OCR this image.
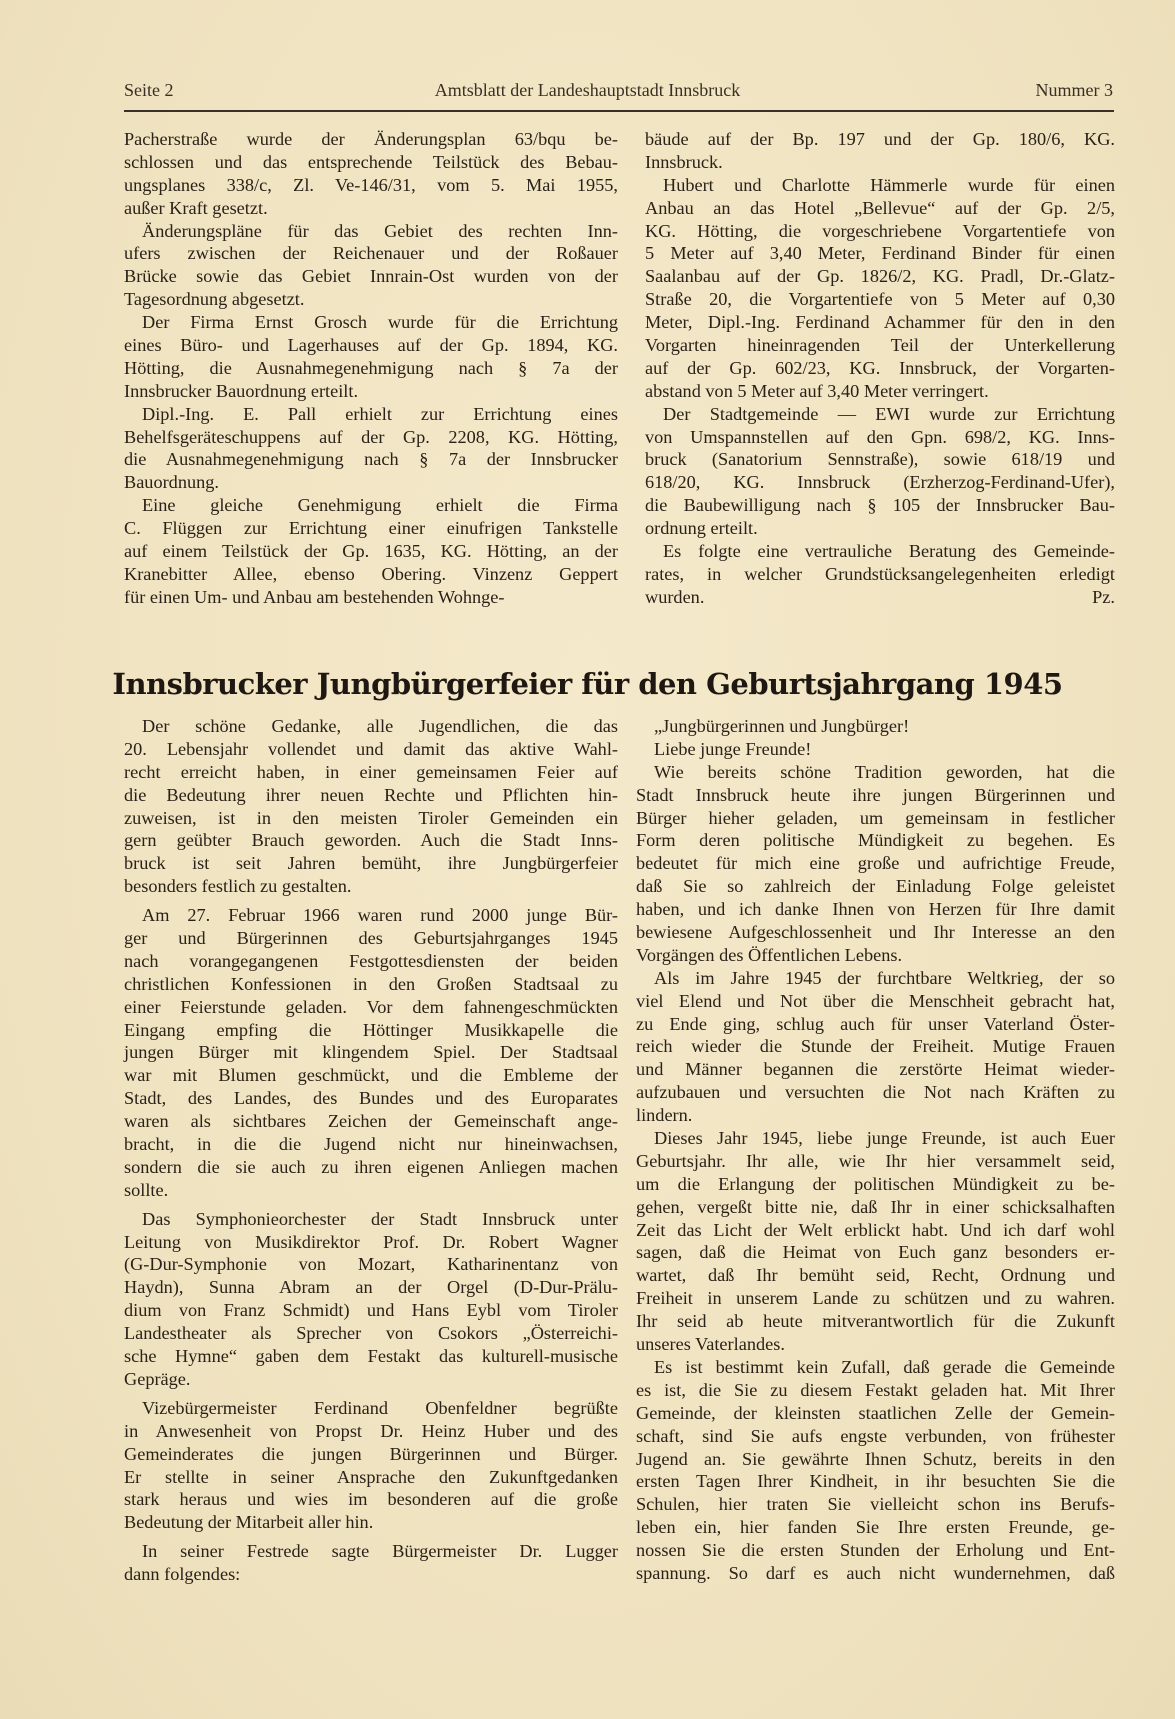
Seite 2	Amtsblatt der Landeshauptstadt Innsbruck	Nummer 3
Pacherstraße wurde der Änderungsplan 63/bqu be-
schlossen und das entsprechende Teilstück des Bebau-
ungsplanes 338/c, Zl. Ve-146/31, vom 5. Mai 1955,
außer Kraft gesetzt.
Änderungspläne für das Gebiet des rechten Inn-
ufers zwischen der Reichenauer und der Roßauer
Brücke sowie das Gebiet Innrain-Ost wurden von der
Tagesordnung abgesetzt.
Der Firma Ernst Grosch wurde für die Errichtung
eines Büro- und Lagerhauses auf der Gp. 1894, KG.
Hötting, die Ausnahmegenehmigung nach § 7a der
Innsbrucker Bauordnung erteilt.
Dipl.-Ing. E. Pall erhielt zur Errichtung eines
Behelfsgeräteschuppens auf der Gp. 2208, KG. Hötting,
die Ausnahmegenehmigung nach § 7a der Innsbrucker
Bauordnung.
Eine gleiche Genehmigung erhielt die Firma
C. Flüggen zur Errichtung einer einufrigen Tankstelle
auf einem Teilstück der Gp. 1635, KG. Hötting, an der
Kranebitter Allee, ebenso Obering. Vinzenz Geppert
für einen Um- und Anbau am bestehenden Wohnge-
bäude auf der Bp. 197 und der Gp. 180/6, KG.
Innsbruck.
Hubert und Charlotte Hämmerle wurde für einen
Anbau an das Hotel „Bellevue“ auf der Gp. 2/5,
KG. Hötting, die vorgeschriebene Vorgartentiefe von
5 Meter auf 3,40 Meter, Ferdinand Binder für einen
Saalanbau auf der Gp. 1826/2, KG. Pradl, Dr.-Glatz-
Straße 20, die Vorgartentiefe von 5 Meter auf 0,30
Meter, Dipl.-Ing. Ferdinand Achammer für den in den
Vorgarten hineinragenden Teil der Unterkellerung
auf der Gp. 602/23, KG. Innsbruck, der Vorgarten-
abstand von 5 Meter auf 3,40 Meter verringert.
Der Stadtgemeinde — EWI wurde zur Errichtung
von Umspannstellen auf den Gpn. 698/2, KG. Inns-
bruck (Sanatorium Sennstraße), sowie 618/19 und
618/20, KG. Innsbruck (Erzherzog-Ferdinand-Ufer),
die Baubewilligung nach § 105 der Innsbrucker Bau-
ordnung erteilt.
Es folgte eine vertrauliche Beratung des Gemeinde-
rates, in welcher Grundstücksangelegenheiten erledigt
wurden.	Pz.
Innsbrucker Jungbürgerfeier für den Geburtsjahrgang 1945
Der schöne Gedanke, alle Jugendlichen, die das
20. Lebensjahr vollendet und damit das aktive Wahl-
recht erreicht haben, in einer gemeinsamen Feier auf
die Bedeutung ihrer neuen Rechte und Pflichten hin-
zuweisen, ist in den meisten Tiroler Gemeinden ein
gern geübter Brauch geworden. Auch die Stadt Inns-
bruck ist seit Jahren bemüht, ihre Jungbürgerfeier
besonders festlich zu gestalten.
Am 27. Februar 1966 waren rund 2000 junge Bür-
ger und Bürgerinnen des Geburtsjahrganges 1945
nach vorangegangenen Festgottesdiensten der beiden
christlichen Konfessionen in den Großen Stadtsaal zu
einer Feierstunde geladen. Vor dem fahnengeschmückten
Eingang empfing die Höttinger Musikkapelle die
jungen Bürger mit klingendem Spiel. Der Stadtsaal
war mit Blumen geschmückt, und die Embleme der
Stadt, des Landes, des Bundes und des Europarates
waren als sichtbares Zeichen der Gemeinschaft ange-
bracht, in die die Jugend nicht nur hineinwachsen,
sondern die sie auch zu ihren eigenen Anliegen machen
sollte.
Das Symphonieorchester der Stadt Innsbruck unter
Leitung von Musikdirektor Prof. Dr. Robert Wagner
(G-Dur-Symphonie von Mozart, Katharinentanz von
Haydn), Sunna Abram an der Orgel (D-Dur-Prälu-
dium von Franz Schmidt) und Hans Eybl vom Tiroler
Landestheater als Sprecher von Csokors „Österreichi-
sche Hymne“ gaben dem Festakt das kulturell-musische
Gepräge.
Vizebürgermeister Ferdinand Obenfeldner begrüßte
in Anwesenheit von Propst Dr. Heinz Huber und des
Gemeinderates die jungen Bürgerinnen und Bürger.
Er stellte in seiner Ansprache den Zukunftgedanken
stark heraus und wies im besonderen auf die große
Bedeutung der Mitarbeit aller hin.
In seiner Festrede sagte Bürgermeister Dr. Lugger
dann folgendes:
„Jungbürgerinnen und Jungbürger!
Liebe junge Freunde!
Wie bereits schöne Tradition geworden, hat die
Stadt Innsbruck heute ihre jungen Bürgerinnen und
Bürger hieher geladen, um gemeinsam in festlicher
Form deren politische Mündigkeit zu begehen. Es
bedeutet für mich eine große und aufrichtige Freude,
daß Sie so zahlreich der Einladung Folge geleistet
haben, und ich danke Ihnen von Herzen für Ihre damit
bewiesene Aufgeschlossenheit und Ihr Interesse an den
Vorgängen des Öffentlichen Lebens.
Als im Jahre 1945 der furchtbare Weltkrieg, der so
viel Elend und Not über die Menschheit gebracht hat,
zu Ende ging, schlug auch für unser Vaterland Öster-
reich wieder die Stunde der Freiheit. Mutige Frauen
und Männer begannen die zerstörte Heimat wieder-
aufzubauen und versuchten die Not nach Kräften zu
lindern.
Dieses Jahr 1945, liebe junge Freunde, ist auch Euer
Geburtsjahr. Ihr alle, wie Ihr hier versammelt seid,
um die Erlangung der politischen Mündigkeit zu be-
gehen, vergeßt bitte nie, daß Ihr in einer schicksalhaften
Zeit das Licht der Welt erblickt habt. Und ich darf wohl
sagen, daß die Heimat von Euch ganz besonders er-
wartet, daß Ihr bemüht seid, Recht, Ordnung und
Freiheit in unserem Lande zu schützen und zu wahren.
Ihr seid ab heute mitverantwortlich für die Zukunft
unseres Vaterlandes.
Es ist bestimmt kein Zufall, daß gerade die Gemeinde
es ist, die Sie zu diesem Festakt geladen hat. Mit Ihrer
Gemeinde, der kleinsten staatlichen Zelle der Gemein-
schaft, sind Sie aufs engste verbunden, von frühester
Jugend an. Sie gewährte Ihnen Schutz, bereits in den
ersten Tagen Ihrer Kindheit, in ihr besuchten Sie die
Schulen, hier traten Sie vielleicht schon ins Berufs-
leben ein, hier fanden Sie Ihre ersten Freunde, ge-
nossen Sie die ersten Stunden der Erholung und Ent-
spannung. So darf es auch nicht wundernehmen, daß
